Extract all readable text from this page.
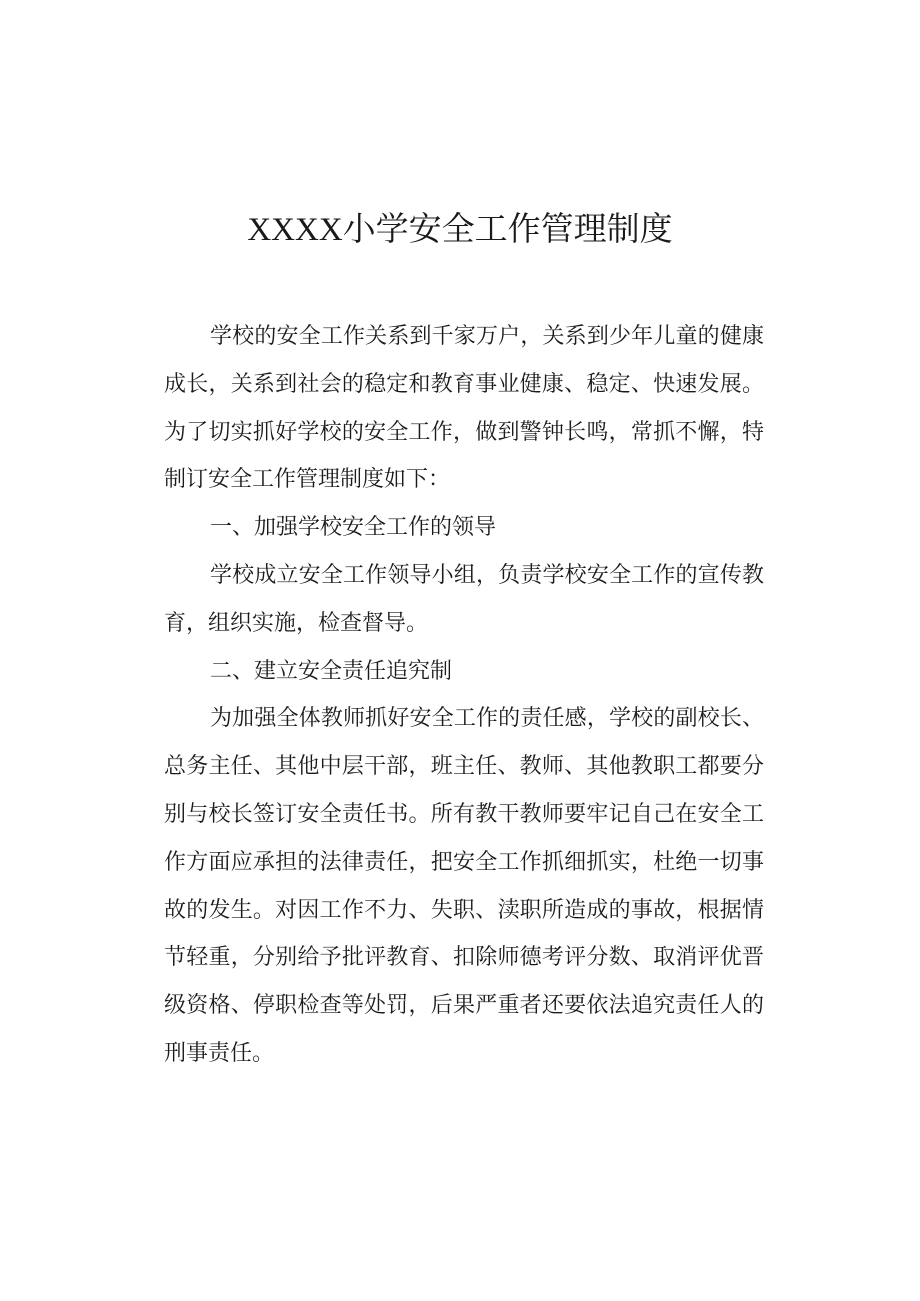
XXXX小学安全工作管理制度

学校的安全工作关系到千家万户，关系到少年儿童的健康成长，关系到社会的稳定和教育事业健康、稳定、快速发展。为了切实抓好学校的安全工作，做到警钟长鸣，常抓不懈，特制订安全工作管理制度如下：

一、加强学校安全工作的领导

学校成立安全工作领导小组，负责学校安全工作的宣传教育，组织实施，检查督导。

二、建立安全责任追究制

为加强全体教师抓好安全工作的责任感，学校的副校长、总务主任、其他中层干部，班主任、教师、其他教职工都要分别与校长签订安全责任书。所有教干教师要牢记自己在安全工作方面应承担的法律责任，把安全工作抓细抓实，杜绝一切事故的发生。对因工作不力、失职、渎职所造成的事故，根据情节轻重，分别给予批评教育、扣除师德考评分数、取消评优晋级资格、停职检查等处罚，后果严重者还要依法追究责任人的刑事责任。
